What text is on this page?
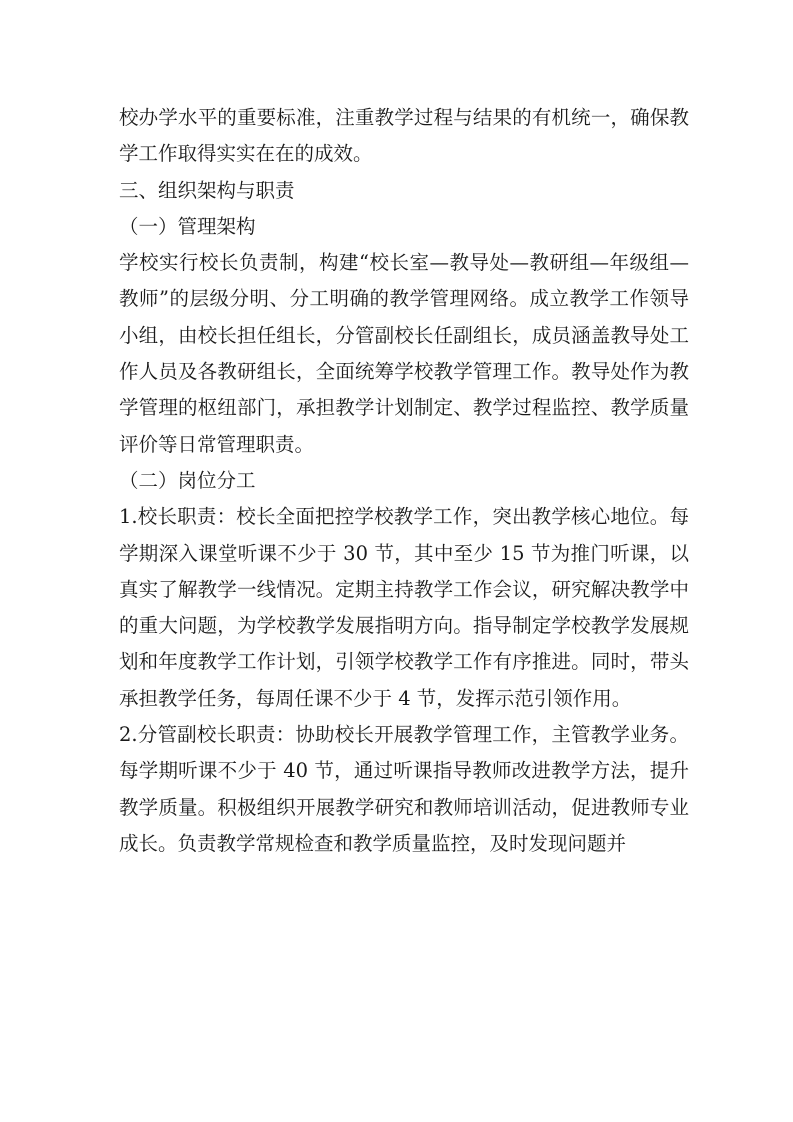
校办学水平的重要标准，注重教学过程与结果的有机统一，确保教学工作取得实实在在的成效。

三、组织架构与职责

（一）管理架构

学校实行校长负责制，构建“校长室—教导处—教研组—年级组—教师”的层级分明、分工明确的教学管理网络。成立教学工作领导小组，由校长担任组长，分管副校长任副组长，成员涵盖教导处工作人员及各教研组长，全面统筹学校教学管理工作。教导处作为教学管理的枢纽部门，承担教学计划制定、教学过程监控、教学质量评价等日常管理职责。

（二）岗位分工

1.校长职责：校长全面把控学校教学工作，突出教学核心地位。每学期深入课堂听课不少于 30 节，其中至少 15 节为推门听课，以真实了解教学一线情况。定期主持教学工作会议，研究解决教学中的重大问题，为学校教学发展指明方向。指导制定学校教学发展规划和年度教学工作计划，引领学校教学工作有序推进。同时，带头承担教学任务，每周任课不少于 4 节，发挥示范引领作用。

2.分管副校长职责：协助校长开展教学管理工作，主管教学业务。每学期听课不少于 40 节，通过听课指导教师改进教学方法，提升教学质量。积极组织开展教学研究和教师培训活动，促进教师专业成长。负责教学常规检查和教学质量监控，及时发现问题并
